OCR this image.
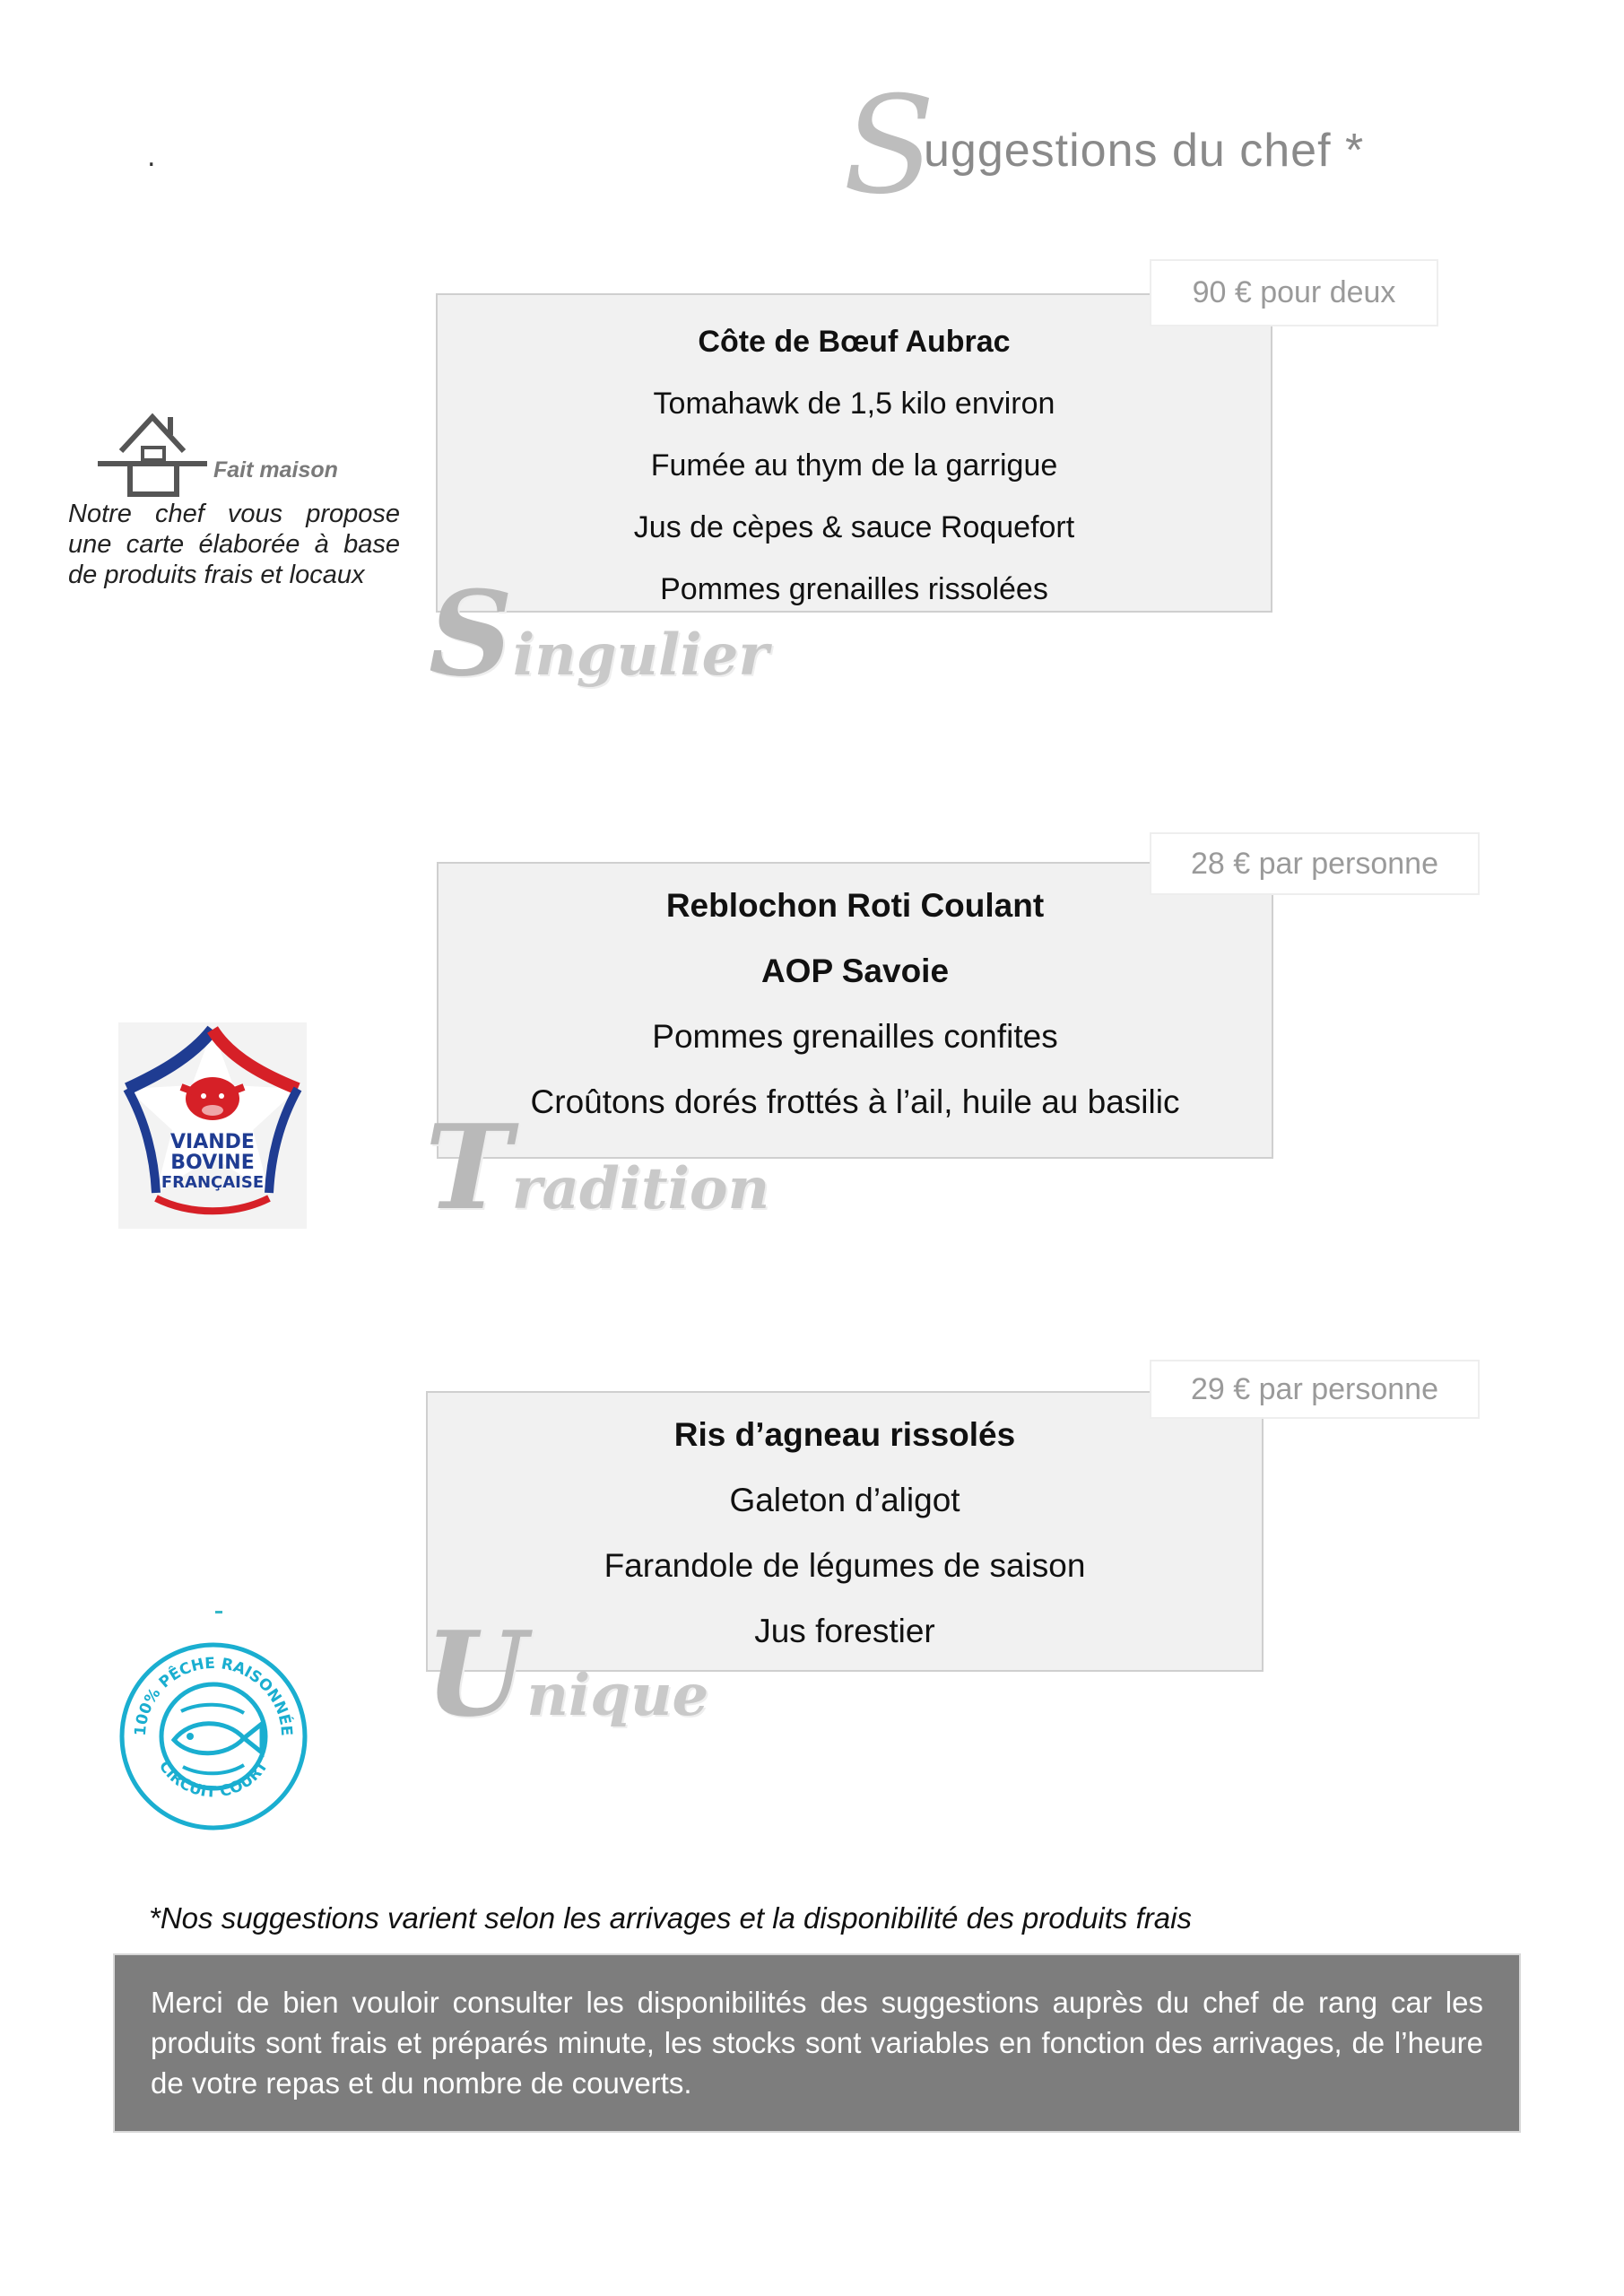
.	S
uggestions du chef *
Fait maison

Notre chef vous propose une carte élaborée à base de produits frais et locaux

Côte de Bœuf Aubrac
Tomahawk de 1,5 kilo environ
Fumée au thym de la garrigue
Jus de cèpes & sauce Roquefort
Pommes grenailles rissolées
90 € pour deux
Singulier
Reblochon Roti Coulant
AOP Savoie
Pommes grenailles confites
Croûtons dorés frottés à l’ail, huile au basilic
28 € par personne
Tradition
Ris d’agneau rissolés
Galeton d’aligot
Farandole de légumes de saison
Jus forestier
29 € par personne
Unique
VIANDE
BOVINE
FRANÇAISE
100% PÊCHE RAISONNÉE
CIRCUIT COURT
*Nos suggestions varient selon les arrivages et la disponibilité des produits frais

Merci de bien vouloir consulter les disponibilités des suggestions auprès du chef de rang car les produits sont frais et préparés minute, les stocks sont variables en fonction des arrivages, de l’heure de votre repas et du nombre de couverts.
